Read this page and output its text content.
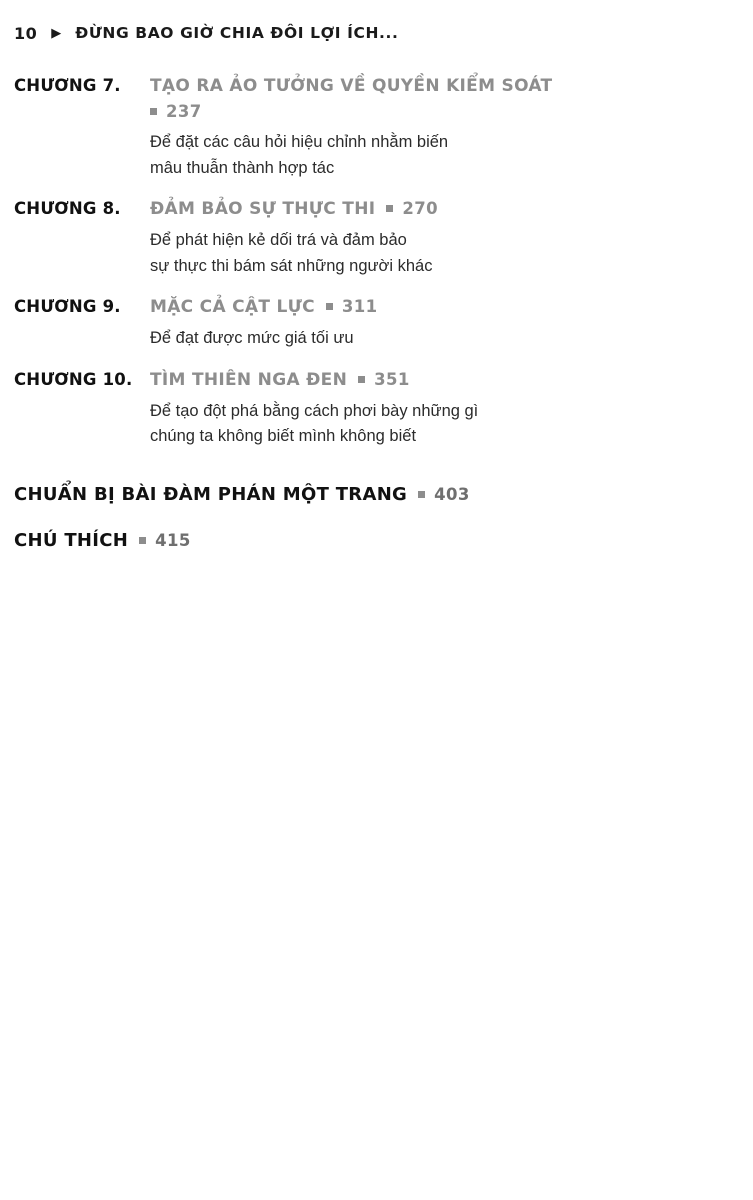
10 ▶ ĐỪNG BAO GIỜ CHIA ĐÔI LỢI ÍCH...
CHƯƠNG 7.	TẠO RA ẢO TƯỞNG VỀ QUYỀN KIỂM SOÁT
237
Để đặt các câu hỏi hiệu chỉnh nhằm biến
mâu thuẫn thành hợp tác
CHƯƠNG 8.	ĐẢM BẢO SỰ THỰC THI 270
Để phát hiện kẻ dối trá và đảm bảo
sự thực thi bám sát những người khác
CHƯƠNG 9.	MẶC CẢ CẬT LỰC 311
Để đạt được mức giá tối ưu
CHƯƠNG 10.	TÌM THIÊN NGA ĐEN 351
Để tạo đột phá bằng cách phơi bày những gì
chúng ta không biết mình không biết
CHUẨN BỊ BÀI ĐÀM PHÁN MỘT TRANG 403
CHÚ THÍCH 415
